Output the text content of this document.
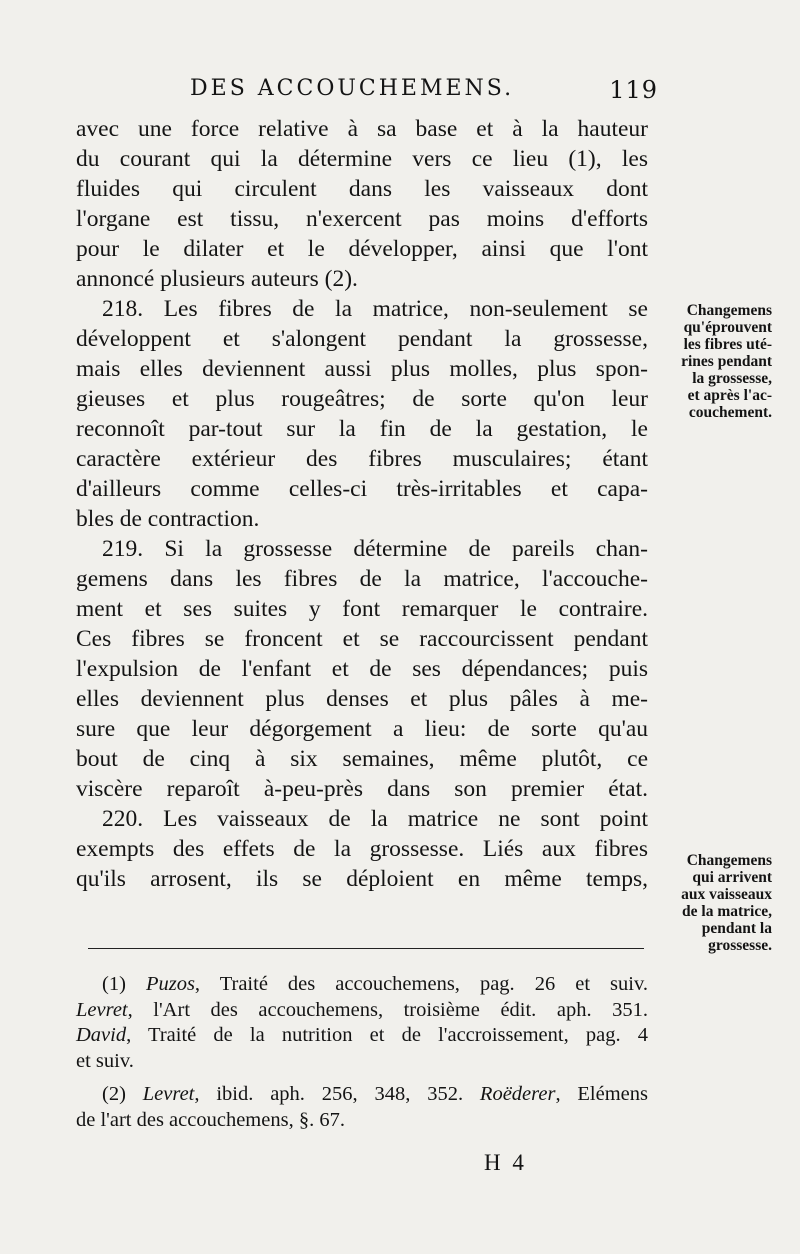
DES ACCOUCHEMENS.	119
avec une force relative à sa base et à la hauteur
du courant qui la détermine vers ce lieu (1), les
fluides qui circulent dans les vaisseaux dont
l'organe est tissu, n'exercent pas moins d'efforts
pour le dilater et le développer, ainsi que l'ont
annoncé plusieurs auteurs (2).
218. Les fibres de la matrice, non-seulement se
développent et s'alongent pendant la grossesse,
mais elles deviennent aussi plus molles, plus spon-
gieuses et plus rougeâtres; de sorte qu'on leur
reconnoît par-tout sur la fin de la gestation, le
caractère extérieur des fibres musculaires; étant
d'ailleurs comme celles-ci très-irritables et capa-
bles de contraction.
219. Si la grossesse détermine de pareils chan-
gemens dans les fibres de la matrice, l'accouche-
ment et ses suites y font remarquer le contraire.
Ces fibres se froncent et se raccourcissent pendant
l'expulsion de l'enfant et de ses dépendances; puis
elles deviennent plus denses et plus pâles à me-
sure que leur dégorgement a lieu: de sorte qu'au
bout de cinq à six semaines, même plutôt, ce
viscère reparoît à-peu-près dans son premier état.
220. Les vaisseaux de la matrice ne sont point
exempts des effets de la grossesse. Liés aux fibres
qu'ils arrosent, ils se déploient en même temps,
Changemens
qu'éprouvent
les fibres uté-
rines pendant
la grossesse,
et après l'ac-
couchement.
Changemens
qui arrivent
aux vaisseaux
de la matrice,
pendant la
grossesse.
(1) Puzos, Traité des accouchemens, pag. 26 et suiv.
Levret, l'Art des accouchemens, troisième édit. aph. 351.
David, Traité de la nutrition et de l'accroissement, pag. 4
et suiv.
(2) Levret, ibid. aph. 256, 348, 352. Roëderer, Elémens
de l'art des accouchemens, §. 67.
H 4
